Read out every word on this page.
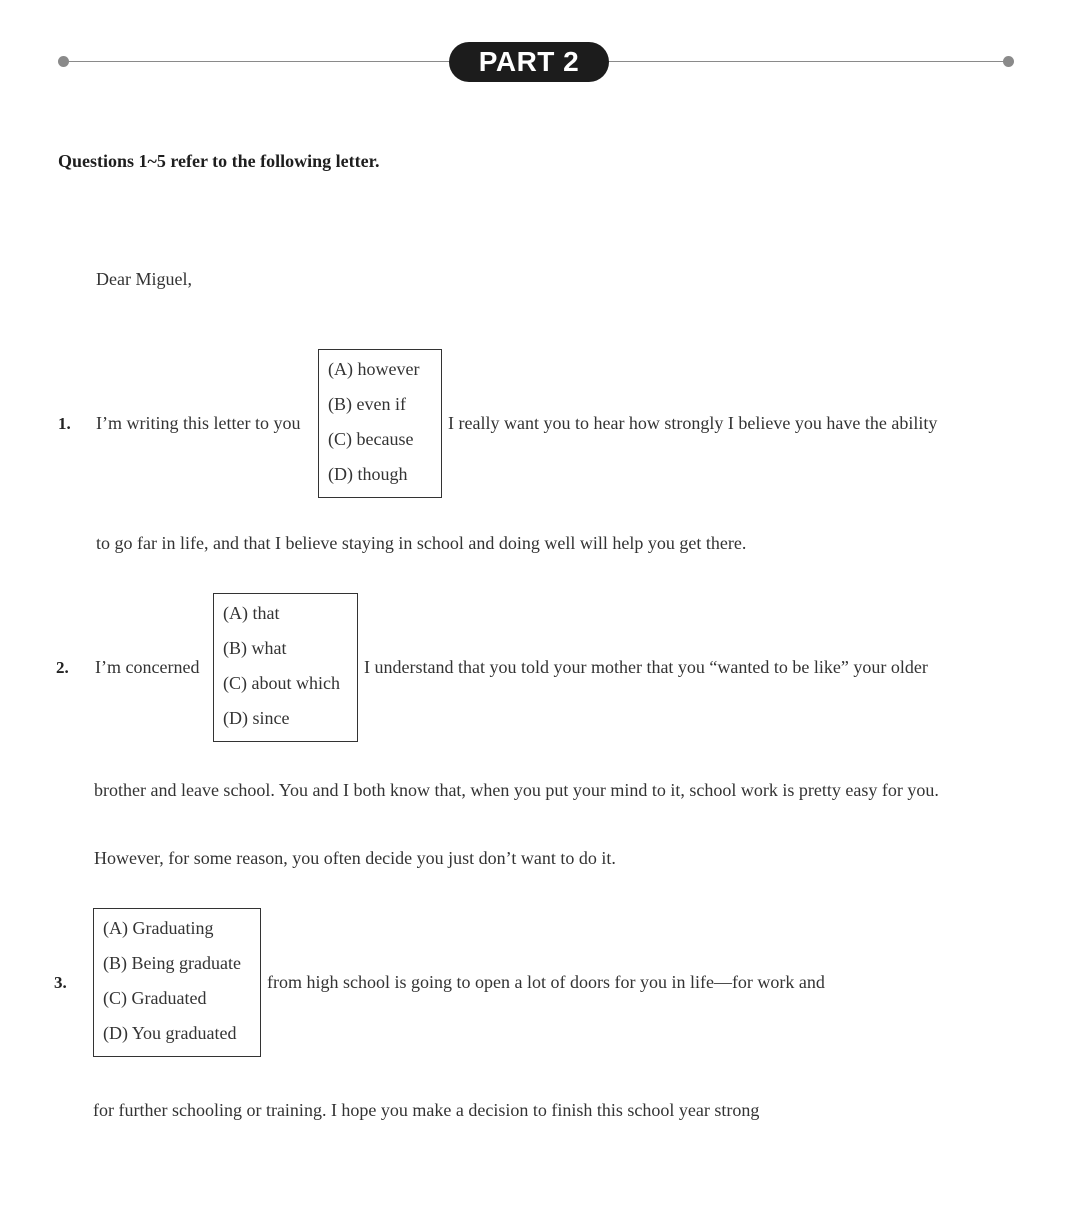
PART 2
Questions 1~5 refer to the following letter.
Dear Miguel,
1. I’m writing this letter to you
(A) however
(B) even if
(C) because
(D) though
I really want you to hear how strongly I believe you have the ability
to go far in life, and that I believe staying in school and doing well will help you get there.
2. I’m concerned
(A) that
(B) what
(C) about which
(D) since
I understand that you told your mother that you “wanted to be like” your older
brother and leave school. You and I both know that, when you put your mind to it, school work is pretty easy for you.
However, for some reason, you often decide you just don’t want to do it.
3.
(A) Graduating
(B) Being graduate
(C) Graduated
(D) You graduated
from high school is going to open a lot of doors for you in life—for work and
for further schooling or training. I hope you make a decision to finish this school year strong
